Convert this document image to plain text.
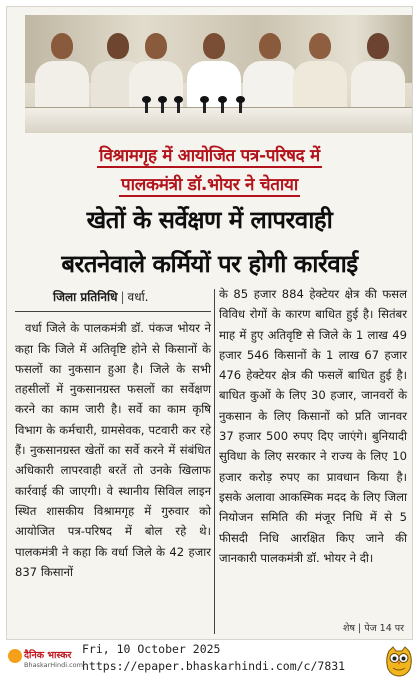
विश्रामगृह में आयोजित पत्र-परिषद में
पालकमंत्री डॉ.भोयर ने चेताया
खेतों के सर्वेक्षण में लापरवाही
बरतनेवाले कर्मियों पर होगी कार्रवाई
जिला प्रतिनिधि | वर्धा.

वर्धा जिले के पालकमंत्री डॉ. पंकज भोयर ने कहा कि जिले में अतिवृष्टि होने से किसानों के फसलों का नुकसान हुआ है। जिले के सभी तहसीलों में नुकसानग्रस्त फसलों का सर्वेक्षण करने का काम जारी है। सर्वे का काम कृषि विभाग के कर्मचारी, ग्रामसेवक, पटवारी कर रहे हैं। नुकसानग्रस्त खेतों का सर्वे करने में संबंधित अधिकारी लापरवाही बरतें तो उनके खिलाफ कार्रवाई की जाएगी। वे स्थानीय सिविल लाइन स्थित शासकीय विश्रामगृह में गुरुवार को आयोजित पत्र-परिषद में बोल रहे थे। पालकमंत्री ने कहा कि वर्धा जिले के 42 हजार 837 किसानों

के 85 हजार 884 हेक्टेयर क्षेत्र की फसल विविध रोगों के कारण बाधित हुई है। सितंबर माह में हुए अतिवृष्टि से जिले के 1 लाख 49 हजार 546 किसानों के 1 लाख 67 हजार 476 हेक्टेयर क्षेत्र की फसलें बाधित हुई है। बाधित कुओं के लिए 30 हजार, जानवरों के नुकसान के लिए किसानों को प्रति जानवर 37 हजार 500 रुपए दिए जाएंगे। बुनियादी सुविधा के लिए सरकार ने राज्य के लिए 10 हजार करोड़ रुपए का प्रावधान किया है। इसके अलावा आकस्मिक मदद के लिए जिला नियोजन समिति की मंजूर निधि में से 5 फीसदी निधि आरक्षित किए जाने की जानकारी पालकमंत्री डॉ. भोयर ने दी।

शेष | पेज 14 पर
दैनिक भास्कर
BhaskarHindi.com
Fri, 10 October 2025
https://epaper.bhaskarhindi.com/c/7831
